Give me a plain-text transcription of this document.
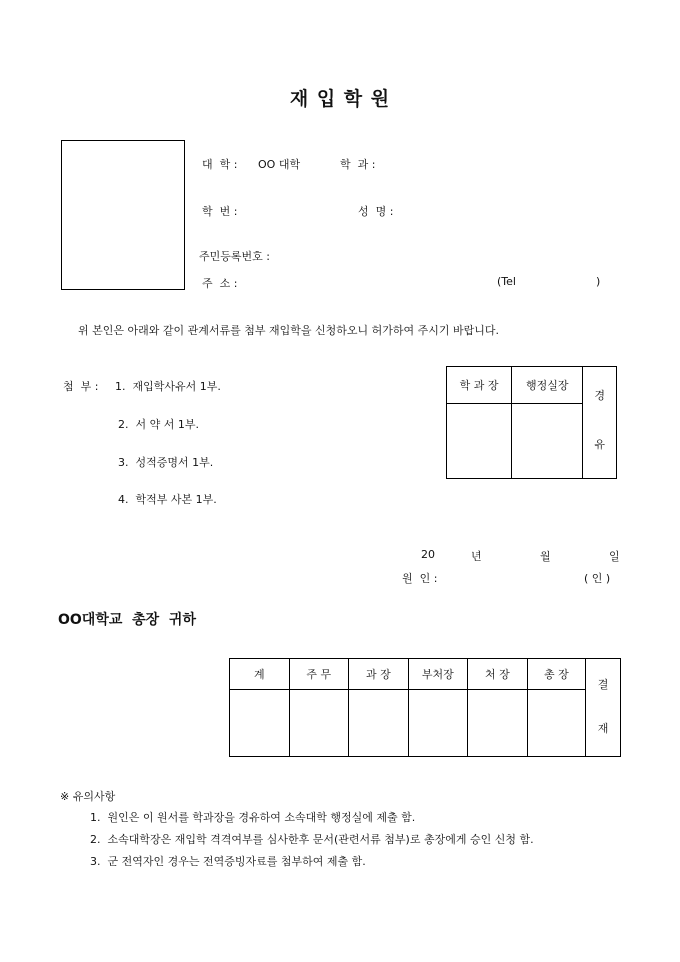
재 입 학 원
대  학 : OO 대학	학  과 :
학  번 :	성  명 :
주민등록번호 :
주  소 :	(Tel	)
위 본인은 아래와 같이 관계서류를 첨부 재입학을 신청하오니 허가하여 주시기 바랍니다.
첨  부 : 1.  재입학사유서 1부.
2.  서 약 서 1부.
3.  성적증명서 1부.
4.  학적부 사본 1부.
학 과 장	행정실장	경
유

20	년	월	일
원  인 :	( 인 )
OO대학교  총장  귀하
계	주 무	과 장	부처장	처 장	총 장	결
재

※ 유의사항
1.  원인은 이 원서를 학과장을 경유하여 소속대학 행정실에 제출 함.
2.  소속대학장은 재입학 격격여부를 심사한후 문서(관련서류 첨부)로 총장에게 승인 신청 함.
3.  군 전역자인 경우는 전역증빙자료를 첨부하여 제출 함.
